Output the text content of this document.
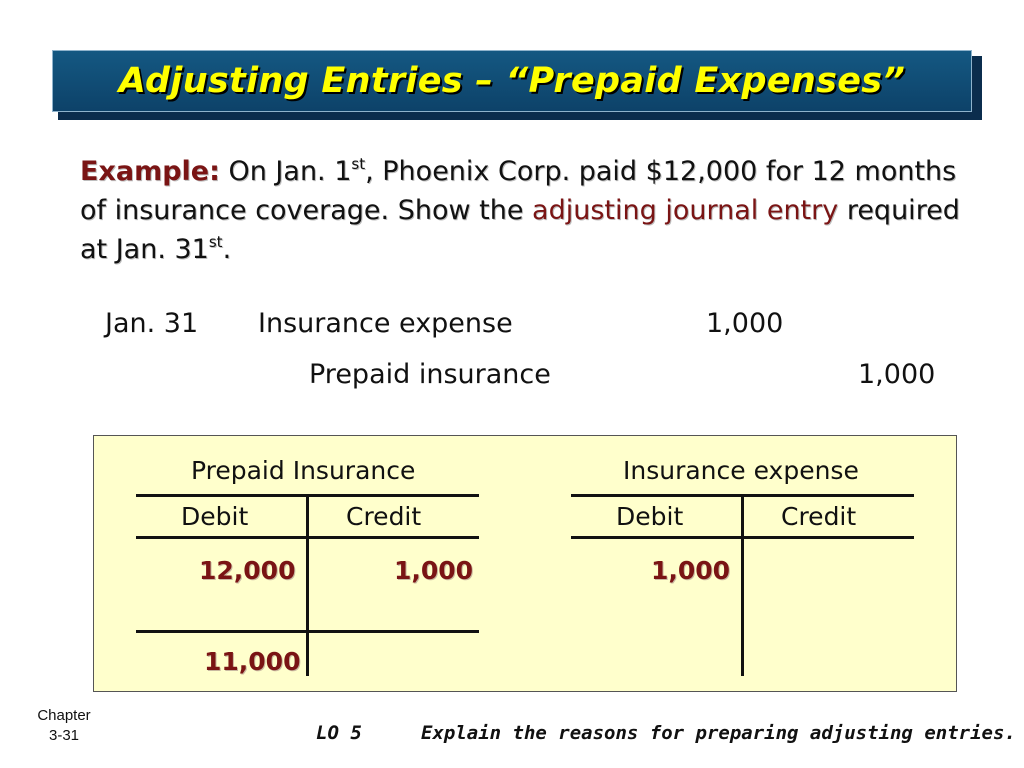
Adjusting Entries – “Prepaid Expenses”
Example: On Jan. 1st, Phoenix Corp. paid $12,000 for 12 months of insurance coverage. Show the adjusting journal entry required at Jan. 31st.
Jan. 31 Insurance expense	1,000
Prepaid insurance	1,000
Prepaid Insurance
Debit	Credit
12,000	1,000
11,000
Insurance expense
Debit	Credit
1,000
Chapter
3-31	LO 5	Explain the reasons for preparing adjusting entries.
